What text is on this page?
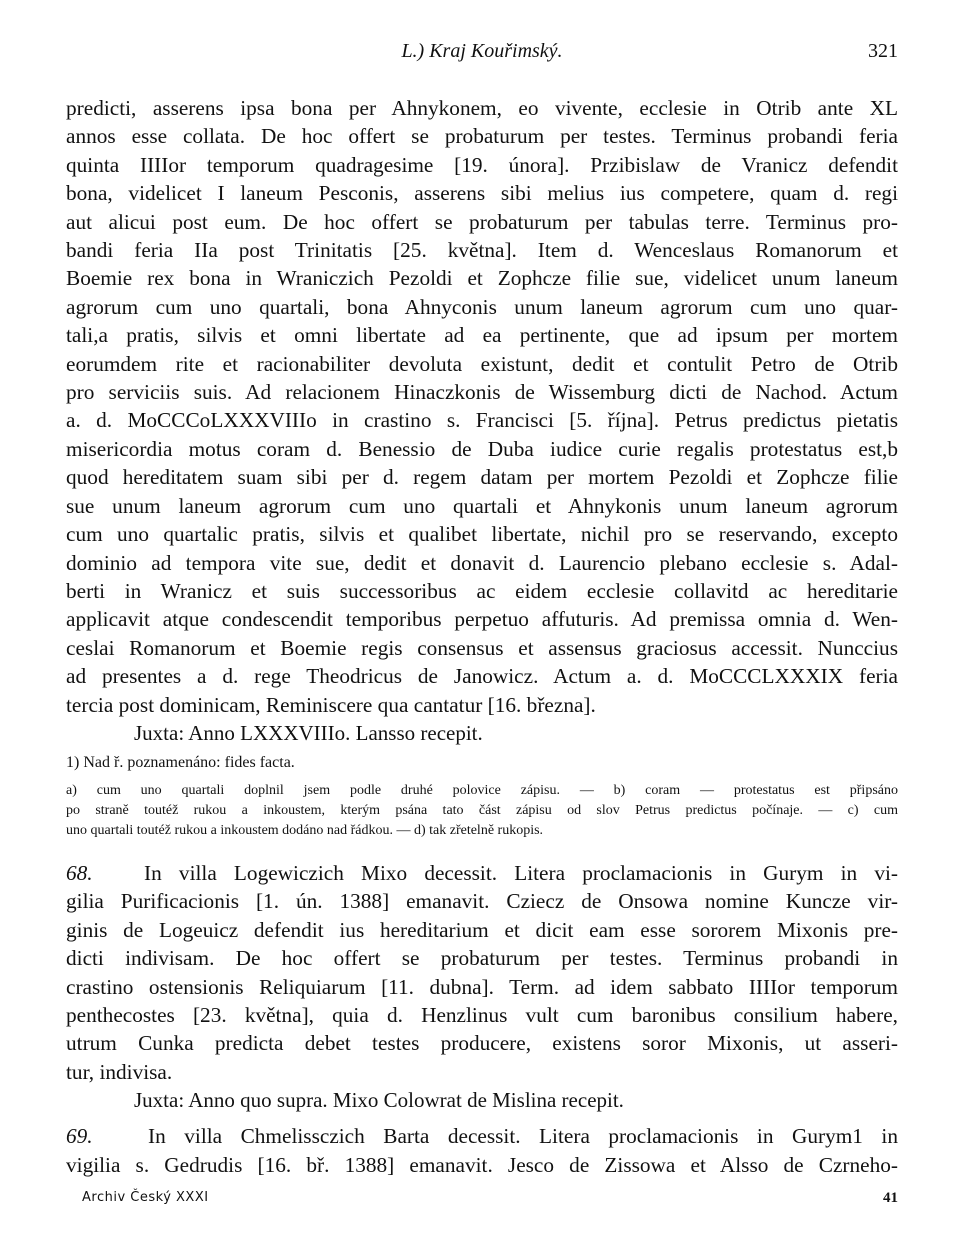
L.) Kraj Kouřimský.	321

predicti, asserens ipsa bona per Ahnykonem, eo vivente, ecclesie in Otrib ante XL
annos esse collata. De hoc offert se probaturum per testes. Terminus probandi feria
quinta IIIIor temporum quadragesime [19. února]. Przibislaw de Vranicz defendit
bona, videlicet I laneum Pesconis, asserens sibi melius ius competere, quam d. regi
aut alicui post eum. De hoc offert se probaturum per tabulas terre. Terminus pro-
bandi feria IIa post Trinitatis [25. května]. Item d. Wenceslaus Romanorum et
Boemie rex bona in Wraniczich Pezoldi et Zophcze filie sue, videlicet unum laneum
agrorum cum uno quartali, bona Ahnyconis unum laneum agrorum cum uno quar-
tali,a pratis, silvis et omni libertate ad ea pertinente, que ad ipsum per mortem
eorumdem rite et racionabiliter devoluta existunt, dedit et contulit Petro de Otrib
pro serviciis suis. Ad relacionem Hinaczkonis de Wissemburg dicti de Nachod. Actum
a. d. MoCCCoLXXXVIIIo in crastino s. Francisci [5. října]. Petrus predictus pietatis
misericordia motus coram d. Benessio de Duba iudice curie regalis protestatus est,b
quod hereditatem suam sibi per d. regem datam per mortem Pezoldi et Zophcze filie
sue unum laneum agrorum cum uno quartali et Ahnykonis unum laneum agrorum
cum uno quartalic pratis, silvis et qualibet libertate, nichil pro se reservando, excepto
dominio ad tempora vite sue, dedit et donavit d. Laurencio plebano ecclesie s. Adal-
berti in Wranicz et suis successoribus ac eidem ecclesie collavitd ac hereditarie
applicavit atque condescendit temporibus perpetuo affuturis. Ad premissa omnia d. Wen-
ceslai Romanorum et Boemie regis consensus et assensus graciosus accessit. Nunccius
ad presentes a d. rege Theodricus de Janowicz. Actum a. d. MoCCCLXXXIX feria
tercia post dominicam, Reminiscere qua cantatur [16. března].

Juxta: Anno LXXXVIIIo. Lansso recepit.

1) Nad ř. poznamenáno: fides facta.

a) cum uno quartali doplnil jsem podle druhé polovice zápisu. — b) coram — protestatus est připsáno
po straně toutéž rukou a inkoustem, kterým psána tato část zápisu od slov Petrus predictus počínaje. — c) cum
uno quartali toutéž rukou a inkoustem dodáno nad řádkou. — d) tak zřetelně rukopis.

68. In villa Logewiczich Mixo decessit. Litera proclamacionis in Gurym in vi-
gilia Purificacionis [1. ún. 1388] emanavit. Cziecz de Onsowa nomine Kuncze vir-
ginis de Logeuicz defendit ius hereditarium et dicit eam esse sororem Mixonis pre-
dicti indivisam. De hoc offert se probaturum per testes. Terminus probandi in
crastino ostensionis Reliquiarum [11. dubna]. Term. ad idem sabbato IIIIor temporum
penthecostes [23. května], quia d. Henzlinus vult cum baronibus consilium habere,
utrum Cunka predicta debet testes producere, existens soror Mixonis, ut asseri-
tur, indivisa.

Juxta: Anno quo supra. Mixo Colowrat de Mislina recepit.

69.	In villa Chmelissczich Barta decessit. Litera proclamacionis in Gurym1 in
vigilia s. Gedrudis [16. bř. 1388] emanavit. Jesco de Zissowa et Alsso de Czrneho-

Archiv Český XXXI	41
